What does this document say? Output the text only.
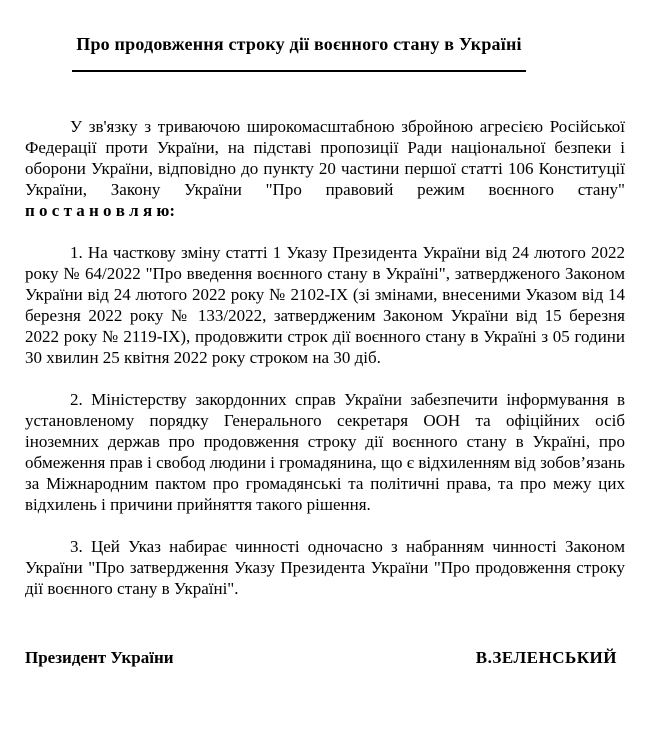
Про продовження строку дії воєнного стану в Україні

У зв'язку з триваючою широкомасштабною збройною агресією Російської Федерації проти України, на підставі пропозиції Ради національної безпеки і оборони України, відповідно до пункту 20 частини першої статті 106 Конституції України, Закону України "Про правовий режим воєнного стану" п о с т а н о в л я ю:

1. На часткову зміну статті 1 Указу Президента України від 24 лютого 2022 року № 64/2022 "Про введення воєнного стану в Україні", затвердженого Законом України від 24 лютого 2022 року № 2102-IX (зі змінами, внесеними Указом від 14 березня 2022 року № 133/2022, затвердженим Законом України від 15 березня 2022 року № 2119-IX), продовжити строк дії воєнного стану в Україні з 05 години 30 хвилин 25 квітня 2022 року строком на 30 діб.

2. Міністерству закордонних справ України забезпечити інформування в установленому порядку Генерального секретаря ООН та офіційних осіб іноземних держав про продовження строку дії воєнного стану в Україні, про обмеження прав і свобод людини і громадянина, що є відхиленням від зобов’язань за Міжнародним пактом про громадянські та політичні права, та про межу цих відхилень і причини прийняття такого рішення.

3. Цей Указ набирає чинності одночасно з набранням чинності Законом України "Про затвердження Указу Президента України "Про продовження строку дії воєнного стану в Україні".

Президент України	В.ЗЕЛЕНСЬКИЙ
